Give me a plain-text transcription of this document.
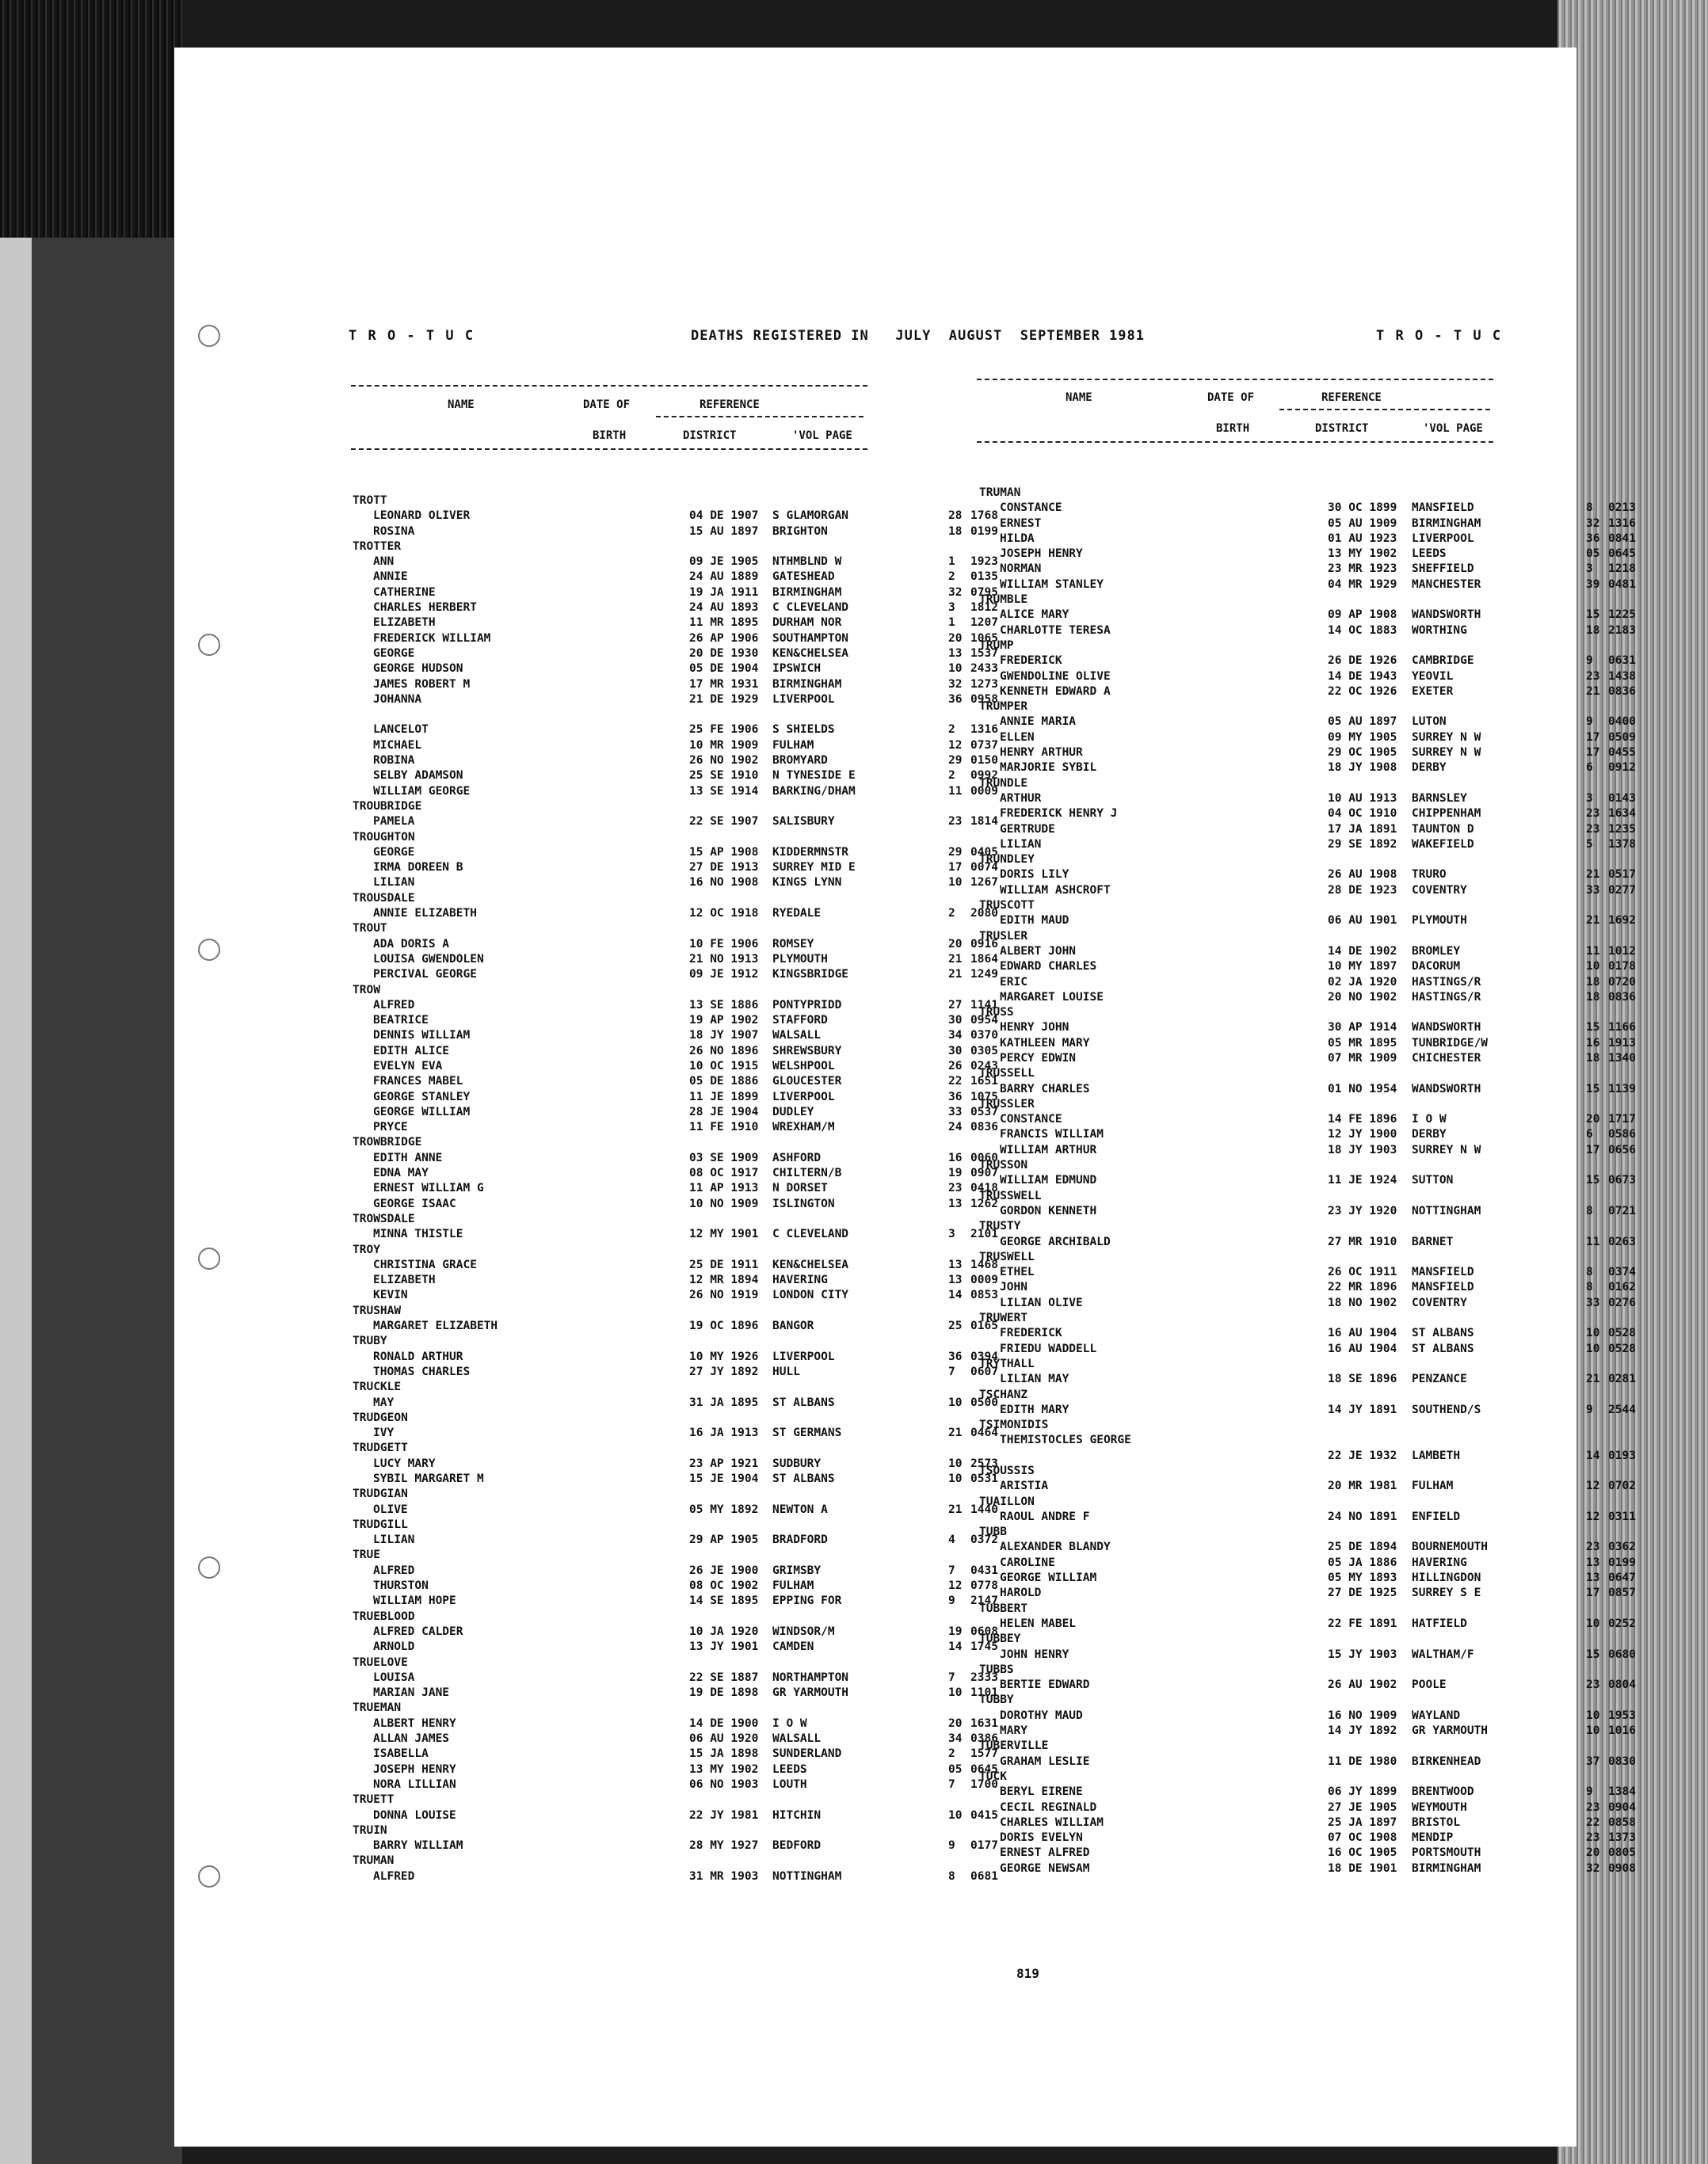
T R O - T U C	DEATHS REGISTERED IN   JULY  AUGUST  SEPTEMBER 1981	T R O - T U C
NAME	DATE OF	REFERENCE
BIRTH	DISTRICT	'VOL PAGE
NAME	DATE OF	REFERENCE
BIRTH	DISTRICT	'VOL PAGE
TROTT
LEONARD OLIVER	04 DE 1907 S GLAMORGAN	28 1768
ROSINA	15 AU 1897 BRIGHTON	18 0199
TROTTER
ANN	09 JE 1905 NTHMBLND W	1 1923
ANNIE	24 AU 1889 GATESHEAD	2 0135
CATHERINE	19 JA 1911 BIRMINGHAM	32 0795
CHARLES HERBERT	24 AU 1893 C CLEVELAND	3 1812
ELIZABETH	11 MR 1895 DURHAM NOR	1 1207
FREDERICK WILLIAM	26 AP 1906 SOUTHAMPTON	20 1065
GEORGE	20 DE 1930 KEN&CHELSEA	13 1537
GEORGE HUDSON	05 DE 1904 IPSWICH	10 2433
JAMES ROBERT M	17 MR 1931 BIRMINGHAM	32 1273
JOHANNA	21 DE 1929 LIVERPOOL	36 0958
LANCELOT	25 FE 1906 S SHIELDS	2 1316
MICHAEL	10 MR 1909 FULHAM	12 0737
ROBINA	26 NO 1902 BROMYARD	29 0150
SELBY ADAMSON	25 SE 1910 N TYNESIDE E	2 0992
WILLIAM GEORGE	13 SE 1914 BARKING/DHAM	11 0009
TROUBRIDGE
PAMELA	22 SE 1907 SALISBURY	23 1814
TROUGHTON
GEORGE	15 AP 1908 KIDDERMNSTR	29 0405
IRMA DOREEN B	27 DE 1913 SURREY MID E	17 0074
LILIAN	16 NO 1908 KINGS LYNN	10 1267
TROUSDALE
ANNIE ELIZABETH	12 OC 1918 RYEDALE	2 2080
TROUT
ADA DORIS A	10 FE 1906 ROMSEY	20 0916
LOUISA GWENDOLEN	21 NO 1913 PLYMOUTH	21 1864
PERCIVAL GEORGE	09 JE 1912 KINGSBRIDGE	21 1249
TROW
ALFRED	13 SE 1886 PONTYPRIDD	27 1141
BEATRICE	19 AP 1902 STAFFORD	30 0954
DENNIS WILLIAM	18 JY 1907 WALSALL	34 0370
EDITH ALICE	26 NO 1896 SHREWSBURY	30 0305
EVELYN EVA	10 OC 1915 WELSHPOOL	26 0243
FRANCES MABEL	05 DE 1886 GLOUCESTER	22 1651
GEORGE STANLEY	11 JE 1899 LIVERPOOL	36 1075
GEORGE WILLIAM	28 JE 1904 DUDLEY	33 0537
PRYCE	11 FE 1910 WREXHAM/M	24 0836
TROWBRIDGE
EDITH ANNE	03 SE 1909 ASHFORD	16 0060
EDNA MAY	08 OC 1917 CHILTERN/B	19 0907
ERNEST WILLIAM G	11 AP 1913 N DORSET	23 0418
GEORGE ISAAC	10 NO 1909 ISLINGTON	13 1262
TROWSDALE
MINNA THISTLE	12 MY 1901 C CLEVELAND	3 2101
TROY
CHRISTINA GRACE	25 DE 1911 KEN&CHELSEA	13 1468
ELIZABETH	12 MR 1894 HAVERING	13 0009
KEVIN	26 NO 1919 LONDON CITY	14 0853
TRUSHAW
MARGARET ELIZABETH	19 OC 1896 BANGOR	25 0165
TRUBY
RONALD ARTHUR	10 MY 1926 LIVERPOOL	36 0394
THOMAS CHARLES	27 JY 1892 HULL	7 0607
TRUCKLE
MAY	31 JA 1895 ST ALBANS	10 0500
TRUDGEON
IVY	16 JA 1913 ST GERMANS	21 0464
TRUDGETT
LUCY MARY	23 AP 1921 SUDBURY	10 2573
SYBIL MARGARET M	15 JE 1904 ST ALBANS	10 0531
TRUDGIAN
OLIVE	05 MY 1892 NEWTON A	21 1440
TRUDGILL
LILIAN	29 AP 1905 BRADFORD	4 0372
TRUE
ALFRED	26 JE 1900 GRIMSBY	7 0431
THURSTON	08 OC 1902 FULHAM	12 0778
WILLIAM HOPE	14 SE 1895 EPPING FOR	9 2147
TRUEBLOOD
ALFRED CALDER	10 JA 1920 WINDSOR/M	19 0608
ARNOLD	13 JY 1901 CAMDEN	14 1745
TRUELOVE
LOUISA	22 SE 1887 NORTHAMPTON	7 2333
MARIAN JANE	19 DE 1898 GR YARMOUTH	10 1101
TRUEMAN
ALBERT HENRY	14 DE 1900 I O W	20 1631
ALLAN JAMES	06 AU 1920 WALSALL	34 0386
ISABELLA	15 JA 1898 SUNDERLAND	2 1577
JOSEPH HENRY	13 MY 1902 LEEDS	05 0645
NORA LILLIAN	06 NO 1903 LOUTH	7 1700
TRUETT
DONNA LOUISE	22 JY 1981 HITCHIN	10 0415
TRUIN
BARRY WILLIAM	28 MY 1927 BEDFORD	9 0177
TRUMAN
ALFRED	31 MR 1903 NOTTINGHAM	8 0681
TRUMAN
CONSTANCE	30 OC 1899 MANSFIELD	8 0213
ERNEST	05 AU 1909 BIRMINGHAM	32 1316
HILDA	01 AU 1923 LIVERPOOL	36 0841
JOSEPH HENRY	13 MY 1902 LEEDS	05 0645
NORMAN	23 MR 1923 SHEFFIELD	3 1218
WILLIAM STANLEY	04 MR 1929 MANCHESTER	39 0481
TRUMBLE
ALICE MARY	09 AP 1908 WANDSWORTH	15 1225
CHARLOTTE TERESA	14 OC 1883 WORTHING	18 2183
TRUMP
FREDERICK	26 DE 1926 CAMBRIDGE	9 0631
GWENDOLINE OLIVE	14 DE 1943 YEOVIL	23 1438
KENNETH EDWARD A	22 OC 1926 EXETER	21 0836
TRUMPER
ANNIE MARIA	05 AU 1897 LUTON	9 0400
ELLEN	09 MY 1905 SURREY N W	17 0509
HENRY ARTHUR	29 OC 1905 SURREY N W	17 0455
MARJORIE SYBIL	18 JY 1908 DERBY	6 0912
TRUNDLE
ARTHUR	10 AU 1913 BARNSLEY	3 0143
FREDERICK HENRY J	04 OC 1910 CHIPPENHAM	23 1634
GERTRUDE	17 JA 1891 TAUNTON D	23 1235
LILIAN	29 SE 1892 WAKEFIELD	5 1378
TRUNDLEY
DORIS LILY	26 AU 1908 TRURO	21 0517
WILLIAM ASHCROFT	28 DE 1923 COVENTRY	33 0277
TRUSCOTT
EDITH MAUD	06 AU 1901 PLYMOUTH	21 1692
TRUSLER
ALBERT JOHN	14 DE 1902 BROMLEY	11 1012
EDWARD CHARLES	10 MY 1897 DACORUM	10 0178
ERIC	02 JA 1920 HASTINGS/R	18 0720
MARGARET LOUISE	20 NO 1902 HASTINGS/R	18 0836
TRUSS
HENRY JOHN	30 AP 1914 WANDSWORTH	15 1166
KATHLEEN MARY	05 MR 1895 TUNBRIDGE/W	16 1913
PERCY EDWIN	07 MR 1909 CHICHESTER	18 1340
TRUSSELL
BARRY CHARLES	01 NO 1954 WANDSWORTH	15 1139
TRUSSLER
CONSTANCE	14 FE 1896 I O W	20 1717
FRANCIS WILLIAM	12 JY 1900 DERBY	6 0586
WILLIAM ARTHUR	18 JY 1903 SURREY N W	17 0656
TRUSSON
WILLIAM EDMUND	11 JE 1924 SUTTON	15 0673
TRUSSWELL
GORDON KENNETH	23 JY 1920 NOTTINGHAM	8 0721
TRUSTY
GEORGE ARCHIBALD	27 MR 1910 BARNET	11 0263
TRUSWELL
ETHEL	26 OC 1911 MANSFIELD	8 0374
JOHN	22 MR 1896 MANSFIELD	8 0162
LILIAN OLIVE	18 NO 1902 COVENTRY	33 0276
TRUWERT
FREDERICK	16 AU 1904 ST ALBANS	10 0528
FRIEDU WADDELL	16 AU 1904 ST ALBANS	10 0528
TRYTHALL
LILIAN MAY	18 SE 1896 PENZANCE	21 0281
TSCHANZ
EDITH MARY	14 JY 1891 SOUTHEND/S	9 2544
TSIMONIDIS
THEMISTOCLES GEORGE
22 JE 1932 LAMBETH	14 0193
TSOUSSIS
ARISTIA	20 MR 1981 FULHAM	12 0702
TUAILLON
RAOUL ANDRE F	24 NO 1891 ENFIELD	12 0311
TUBB
ALEXANDER BLANDY	25 DE 1894 BOURNEMOUTH	23 0362
CAROLINE	05 JA 1886 HAVERING	13 0199
GEORGE WILLIAM	05 MY 1893 HILLINGDON	13 0647
HAROLD	27 DE 1925 SURREY S E	17 0857
TUBBERT
HELEN MABEL	22 FE 1891 HATFIELD	10 0252
TUBBEY
JOHN HENRY	15 JY 1903 WALTHAM/F	15 0680
TUBBS
BERTIE EDWARD	26 AU 1902 POOLE	23 0804
TUBBY
DOROTHY MAUD	16 NO 1909 WAYLAND	10 1953
MARY	14 JY 1892 GR YARMOUTH	10 1016
TUBERVILLE
GRAHAM LESLIE	11 DE 1980 BIRKENHEAD	37 0830
TUCK
BERYL EIRENE	06 JY 1899 BRENTWOOD	9 1384
CECIL REGINALD	27 JE 1905 WEYMOUTH	23 0904
CHARLES WILLIAM	25 JA 1897 BRISTOL	22 0858
DORIS EVELYN	07 OC 1908 MENDIP	23 1373
ERNEST ALFRED	16 OC 1905 PORTSMOUTH	20 0805
GEORGE NEWSAM	18 DE 1901 BIRMINGHAM	32 0908
819
